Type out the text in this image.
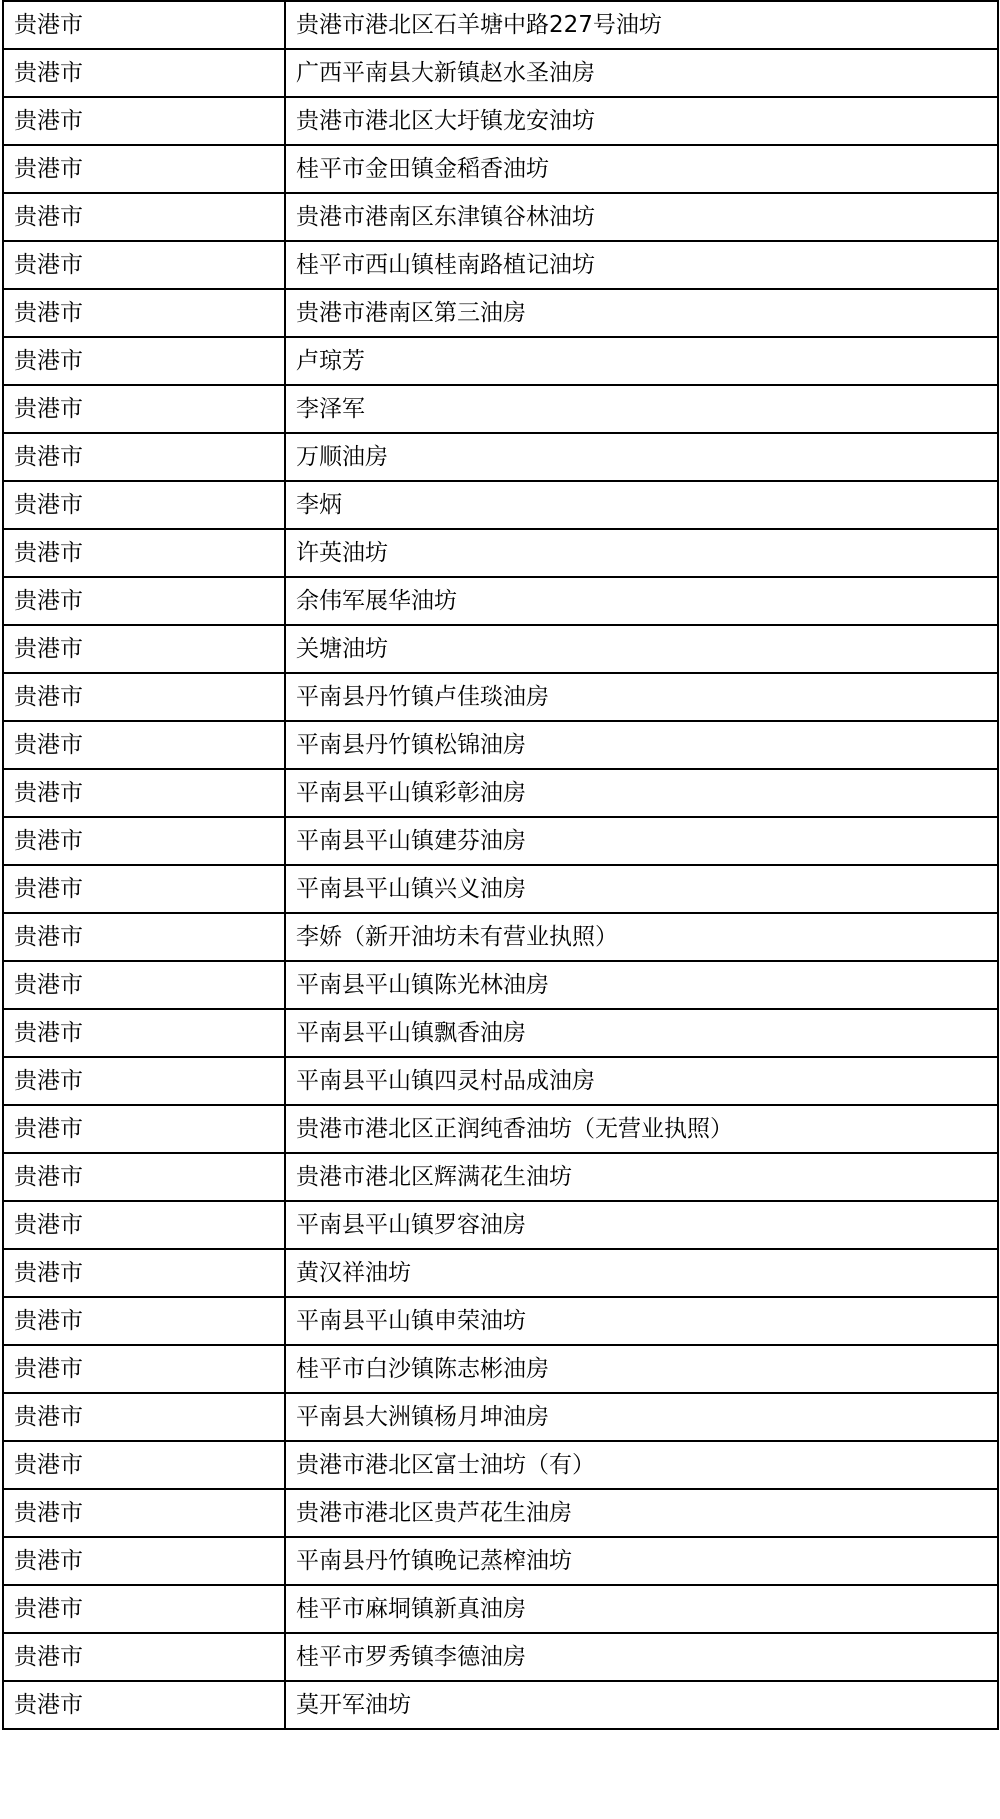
贵港市	贵港市港北区石羊塘中路227号油坊
贵港市	广西平南县大新镇赵水圣油房
贵港市	贵港市港北区大圩镇龙安油坊
贵港市	桂平市金田镇金稻香油坊
贵港市	贵港市港南区东津镇谷林油坊
贵港市	桂平市西山镇桂南路植记油坊
贵港市	贵港市港南区第三油房
贵港市	卢琼芳
贵港市	李泽军
贵港市	万顺油房
贵港市	李炳
贵港市	许英油坊
贵港市	余伟军展华油坊
贵港市	关塘油坊
贵港市	平南县丹竹镇卢佳琰油房
贵港市	平南县丹竹镇松锦油房
贵港市	平南县平山镇彩彰油房
贵港市	平南县平山镇建芬油房
贵港市	平南县平山镇兴义油房
贵港市	李娇（新开油坊未有营业执照）
贵港市	平南县平山镇陈光林油房
贵港市	平南县平山镇飘香油房
贵港市	平南县平山镇四灵村品成油房
贵港市	贵港市港北区正润纯香油坊（无营业执照）
贵港市	贵港市港北区辉满花生油坊
贵港市	平南县平山镇罗容油房
贵港市	黄汉祥油坊
贵港市	平南县平山镇申荣油坊
贵港市	桂平市白沙镇陈志彬油房
贵港市	平南县大洲镇杨月坤油房
贵港市	贵港市港北区富士油坊（有）
贵港市	贵港市港北区贵芦花生油房
贵港市	平南县丹竹镇晚记蒸榨油坊
贵港市	桂平市麻垌镇新真油房
贵港市	桂平市罗秀镇李德油房
贵港市	莫开军油坊
